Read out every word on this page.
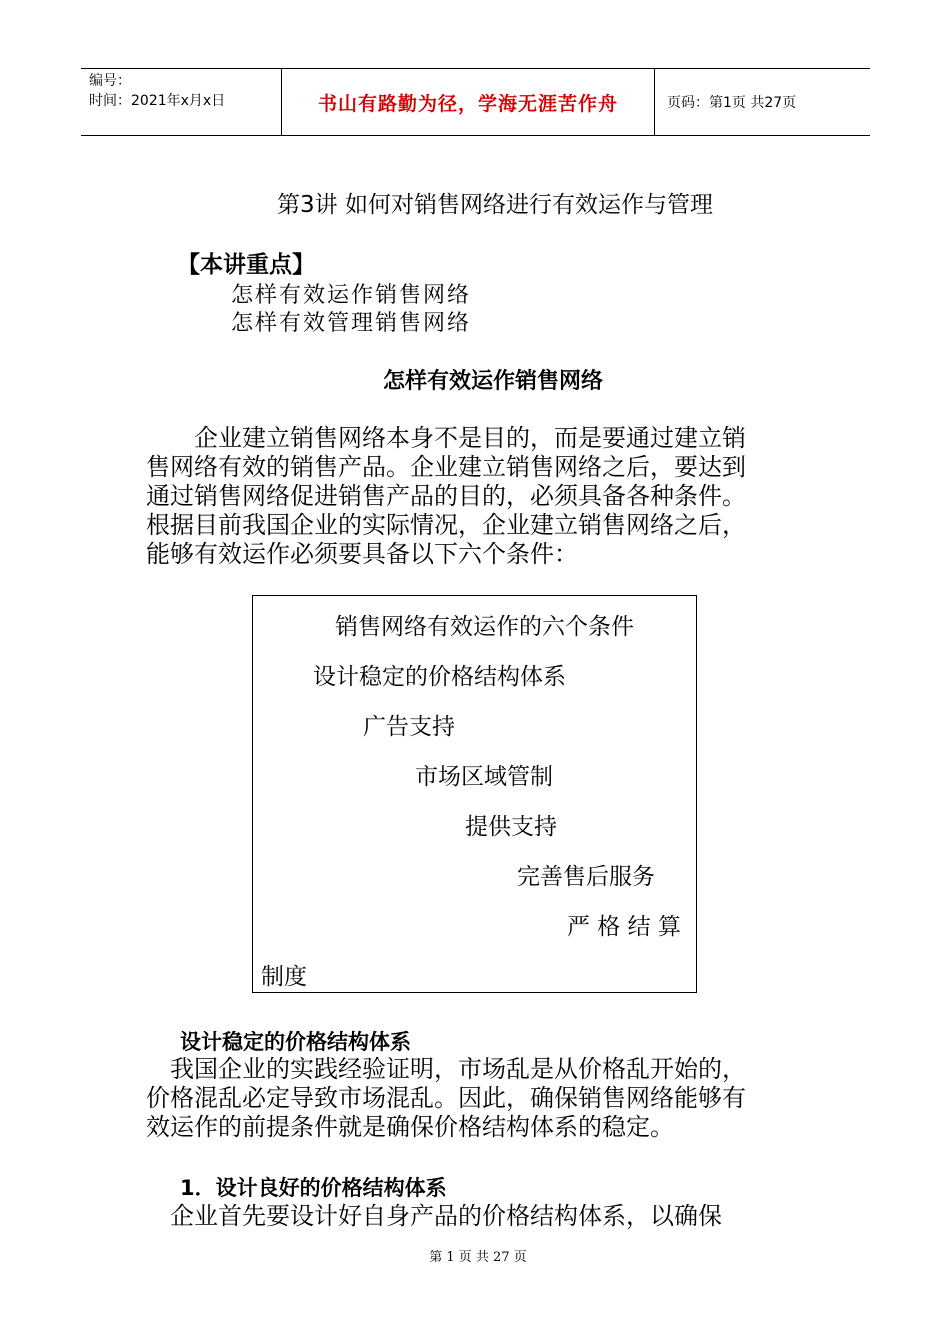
编号：
时间：2021年x月x日	书山有路勤为径，学海无涯苦作舟	页码：第1页 共27页
第3讲 如何对销售网络进行有效运作与管理
【本讲重点】
怎样有效运作销售网络
怎样有效管理销售网络
怎样有效运作销售网络
　　企业建立销售网络本身不是目的，而是要通过建立销
售网络有效的销售产品。企业建立销售网络之后，要达到
通过销售网络促进销售产品的目的，必须具备各种条件。
根据目前我国企业的实际情况，企业建立销售网络之后，
能够有效运作必须要具备以下六个条件：
销售网络有效运作的六个条件
设计稳定的价格结构体系
广告支持
市场区域管制
提供支持
完善售后服务
严 格 结 算
制度
设计稳定的价格结构体系
　我国企业的实践经验证明，市场乱是从价格乱开始的，
价格混乱必定导致市场混乱。因此，确保销售网络能够有
效运作的前提条件就是确保价格结构体系的稳定。
1．设计良好的价格结构体系
　企业首先要设计好自身产品的价格结构体系，以确保
第 1 页 共 27 页
